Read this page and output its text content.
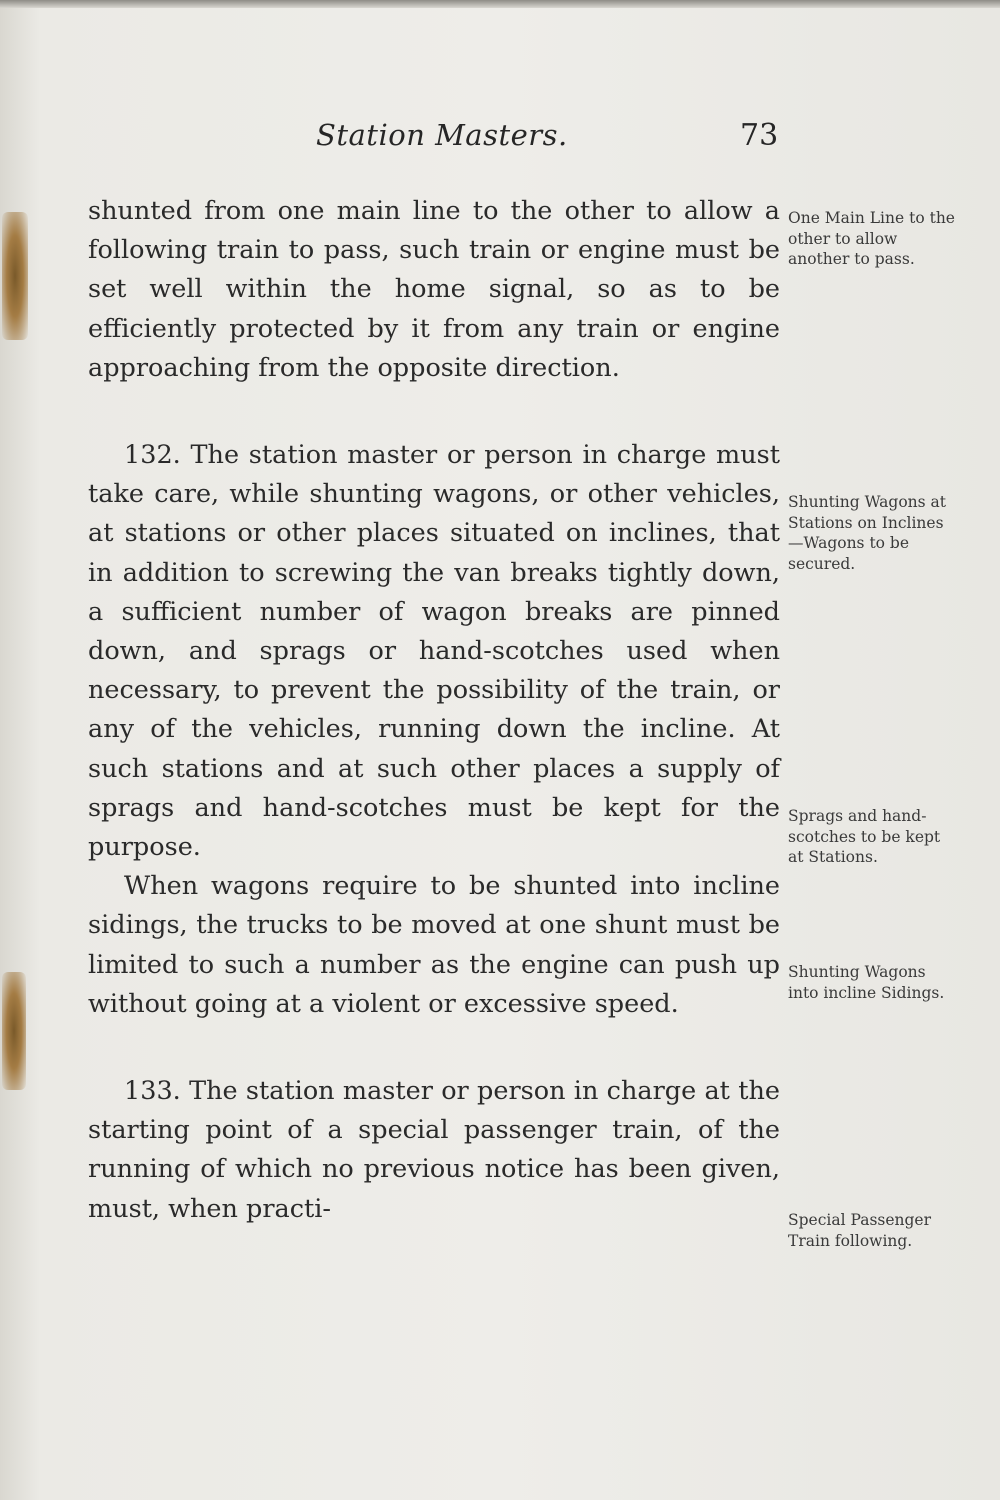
Station Masters.	73

shunted from one main line to the other to allow a following train to pass, such train or engine must be set well within the home signal, so as to be efficiently protected by it from any train or engine approaching from the opposite direction.

132. The station master or person in charge must take care, while shunting wagons, or other vehicles, at stations or other places situated on inclines, that in addition to screwing the van breaks tightly down, a sufficient number of wagon breaks are pinned down, and sprags or hand-scotches used when necessary, to prevent the possibility of the train, or any of the vehicles, running down the incline. At such stations and at such other places a supply of sprags and hand-scotches must be kept for the purpose.

When wagons require to be shunted into incline sidings, the trucks to be moved at one shunt must be limited to such a number as the engine can push up without going at a violent or excessive speed.

133. The station master or person in charge at the starting point of a special passenger train, of the running of which no previous notice has been given, must, when practi-

One Main Line to the other to allow another to pass.
Shunting Wagons at Stations on Inclines—Wagons to be secured.
Sprags and hand-scotches to be kept at Stations.
Shunting Wagons into incline Sidings.
Special Passenger Train following.
